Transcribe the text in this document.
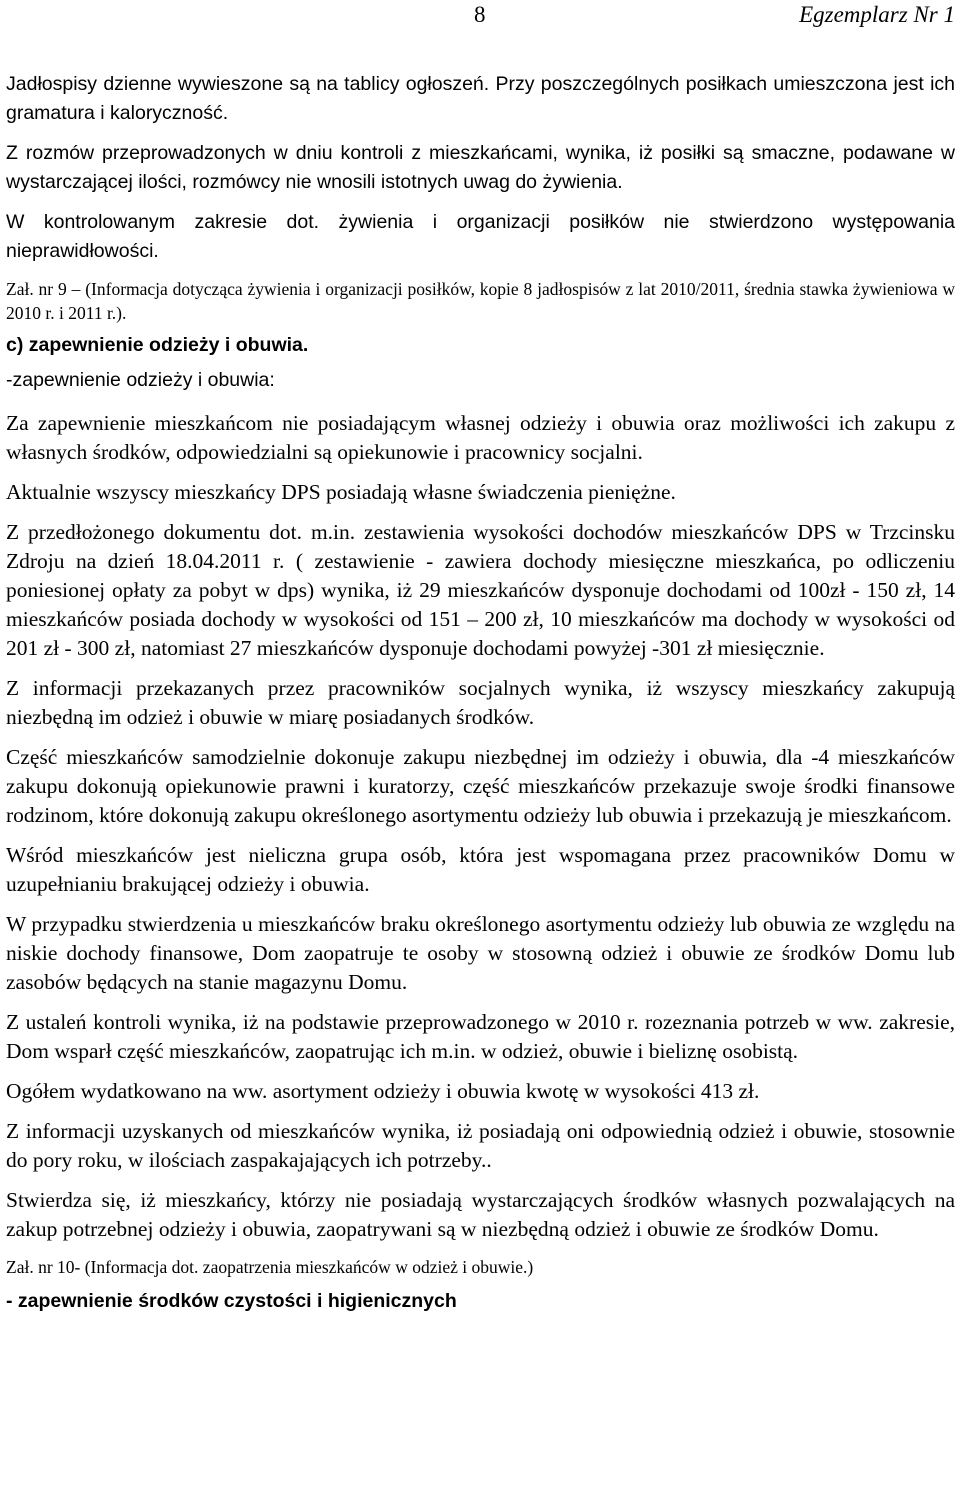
8	Egzemplarz Nr 1

Jadłospisy dzienne wywieszone są na tablicy ogłoszeń. Przy poszczególnych posiłkach umieszczona jest ich gramatura i kaloryczność.

Z rozmów przeprowadzonych w dniu kontroli z mieszkańcami, wynika, iż posiłki są smaczne, podawane w wystarczającej ilości, rozmówcy nie wnosili istotnych uwag do żywienia.

W kontrolowanym zakresie dot. żywienia i organizacji posiłków nie stwierdzono występowania nieprawidłowości.

Zał. nr 9 – (Informacja dotycząca żywienia i organizacji posiłków, kopie 8 jadłospisów z lat 2010/2011, średnia stawka żywieniowa w 2010 r. i 2011 r.).

c) zapewnienie odzieży i obuwia.

-zapewnienie odzieży i obuwia:

Za zapewnienie mieszkańcom nie posiadającym własnej odzieży i obuwia oraz możliwości ich zakupu z własnych środków, odpowiedzialni są opiekunowie i pracownicy socjalni.

Aktualnie wszyscy mieszkańcy DPS posiadają własne świadczenia pieniężne.

Z przedłożonego dokumentu dot. m.in. zestawienia wysokości dochodów mieszkańców DPS w Trzcinsku Zdroju na dzień 18.04.2011 r. ( zestawienie - zawiera dochody miesięczne mieszkańca, po odliczeniu poniesionej opłaty za pobyt w dps) wynika, iż 29 mieszkańców dysponuje dochodami od 100zł - 150 zł, 14 mieszkańców posiada dochody w wysokości od 151 – 200 zł, 10 mieszkańców ma dochody w wysokości od 201 zł - 300 zł, natomiast 27 mieszkańców dysponuje dochodami powyżej -301 zł miesięcznie.

Z informacji przekazanych przez pracowników socjalnych wynika, iż wszyscy mieszkańcy zakupują niezbędną im odzież i obuwie w miarę posiadanych środków.

Część mieszkańców samodzielnie dokonuje zakupu niezbędnej im odzieży i obuwia, dla -4 mieszkańców zakupu dokonują opiekunowie prawni i kuratorzy, część mieszkańców przekazuje swoje środki finansowe rodzinom, które dokonują zakupu określonego asortymentu odzieży lub obuwia i przekazują je mieszkańcom.

Wśród mieszkańców jest nieliczna grupa osób, która jest wspomagana przez pracowników Domu w uzupełnianiu brakującej odzieży i obuwia.

W przypadku stwierdzenia u mieszkańców braku określonego asortymentu odzieży lub obuwia ze względu na niskie dochody finansowe, Dom zaopatruje te osoby w stosowną odzież i obuwie ze środków Domu lub zasobów będących na stanie magazynu Domu.

Z ustaleń kontroli wynika, iż na podstawie przeprowadzonego w 2010 r. rozeznania potrzeb w ww. zakresie, Dom wsparł część mieszkańców, zaopatrując ich m.in. w odzież, obuwie i bieliznę osobistą.

Ogółem wydatkowano na ww. asortyment odzieży i obuwia kwotę w wysokości 413 zł.

Z informacji uzyskanych od mieszkańców wynika, iż posiadają oni odpowiednią odzież i obuwie, stosownie do pory roku, w ilościach zaspakajających ich potrzeby..

Stwierdza się, iż mieszkańcy, którzy nie posiadają wystarczających środków własnych pozwalających na zakup potrzebnej odzieży i obuwia, zaopatrywani są w niezbędną odzież i obuwie ze środków Domu.

Zał. nr 10- (Informacja dot. zaopatrzenia mieszkańców w odzież i obuwie.)

- zapewnienie środków czystości i higienicznych
